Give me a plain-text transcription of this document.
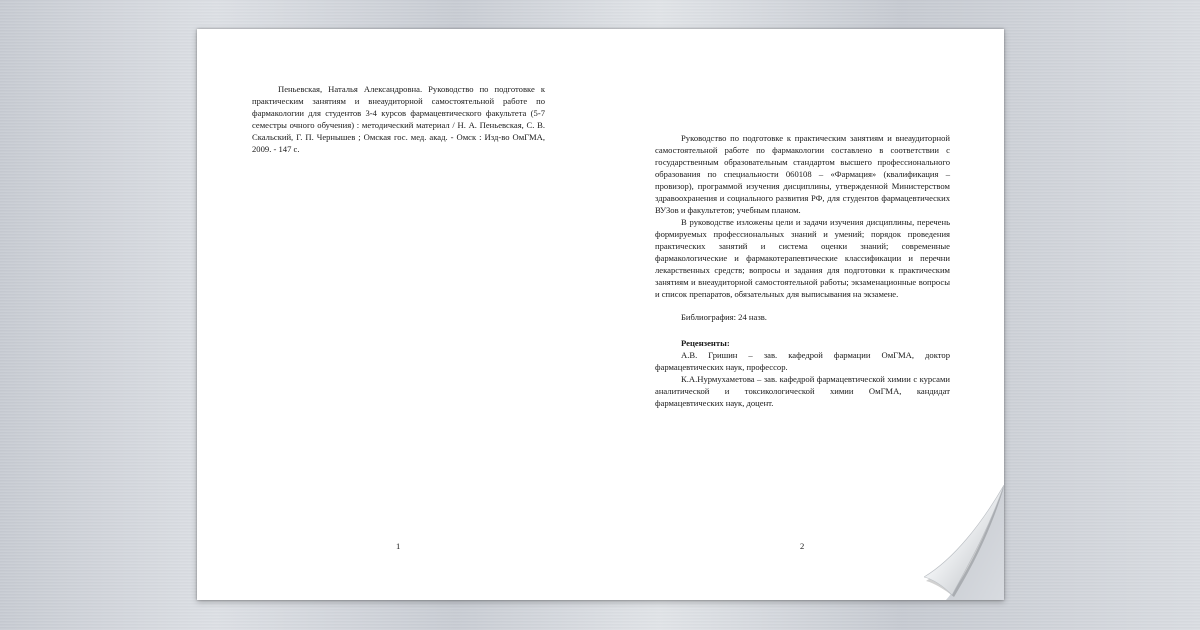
Пеньевская, Наталья Александровна. Руководство по подготовке к практическим занятиям и внеаудиторной самостоятельной работе по фармакологии для студентов 3-4 курсов фармацевтического факультета (5-7 семестры очного обучения) : методический материал / Н. А. Пеньевская, С. В. Скальский, Г. П. Чернышев ; Омская гос. мед. акад. - Омск : Изд-во ОмГМА, 2009. - 147 с.

1

Руководство по подготовке к практическим занятиям и внеаудиторной самостоятельной работе по фармакологии составлено в соответствии с государственным образовательным стандартом высшего профессионального образования по специальности 060108 – «Фармация» (квалификация – провизор), программой изучения дисциплины, утвержденной Министерством здравоохранения и социального развития РФ, для студентов фармацевтических ВУЗов и факультетов; учебным планом.

В руководстве изложены цели и задачи изучения дисциплины, перечень формируемых профессиональных знаний и умений; порядок проведения практических занятий и система оценки знаний; современные фармакологические и фармакотерапевтические классификации и перечни лекарственных средств; вопросы и задания для подготовки к практическим занятиям и внеаудиторной самостоятельной работы; экзаменационные вопросы и список препаратов, обязательных для выписывания на экзамене.

Библиография: 24 назв.

Рецензенты:

А.В. Гришин – зав. кафедрой фармации ОмГМА, доктор фармацевтических наук, профессор.

К.А.Нурмухаметова – зав. кафедрой фармацевтической химии с курсами аналитической и токсикологической химии ОмГМА, кандидат фармацевтических наук, доцент.

2
